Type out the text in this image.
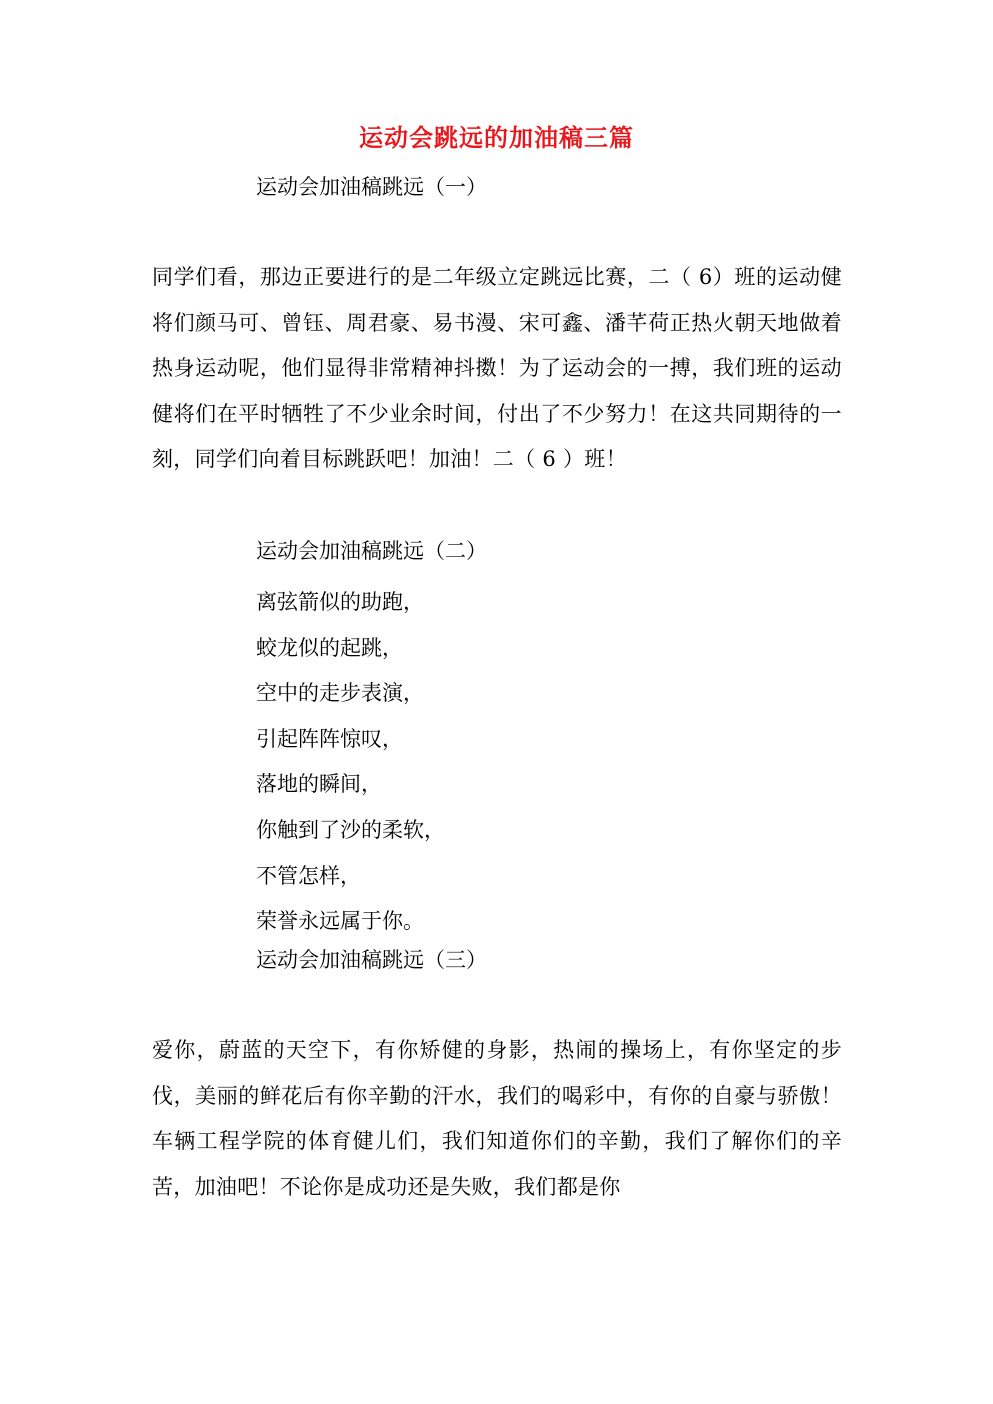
运动会跳远的加油稿三篇
运动会加油稿跳远（一）
同学们看，那边正要进行的是二年级立定跳远比赛，二（ 6）班的运动健将们颜马可、曾钰、周君豪、易书漫、宋可鑫、潘芊荷正热火朝天地做着热身运动呢，他们显得非常精神抖擞！为了运动会的一搏，我们班的运动健将们在平时牺牲了不少业余时间，付出了不少努力！在这共同期待的一刻，同学们向着目标跳跃吧！加油！二（ 6 ）班！
运动会加油稿跳远（二）
离弦箭似的助跑，
蛟龙似的起跳，
空中的走步表演，
引起阵阵惊叹，
落地的瞬间，
你触到了沙的柔软，
不管怎样，
荣誉永远属于你。
运动会加油稿跳远（三）
爱你，蔚蓝的天空下，有你矫健的身影，热闹的操场上，有你坚定的步伐，美丽的鲜花后有你辛勤的汗水，我们的喝彩中，有你的自豪与骄傲！车辆工程学院的体育健儿们，我们知道你们的辛勤，我们了解你们的辛苦，加油吧！不论你是成功还是失败，我们都是你
